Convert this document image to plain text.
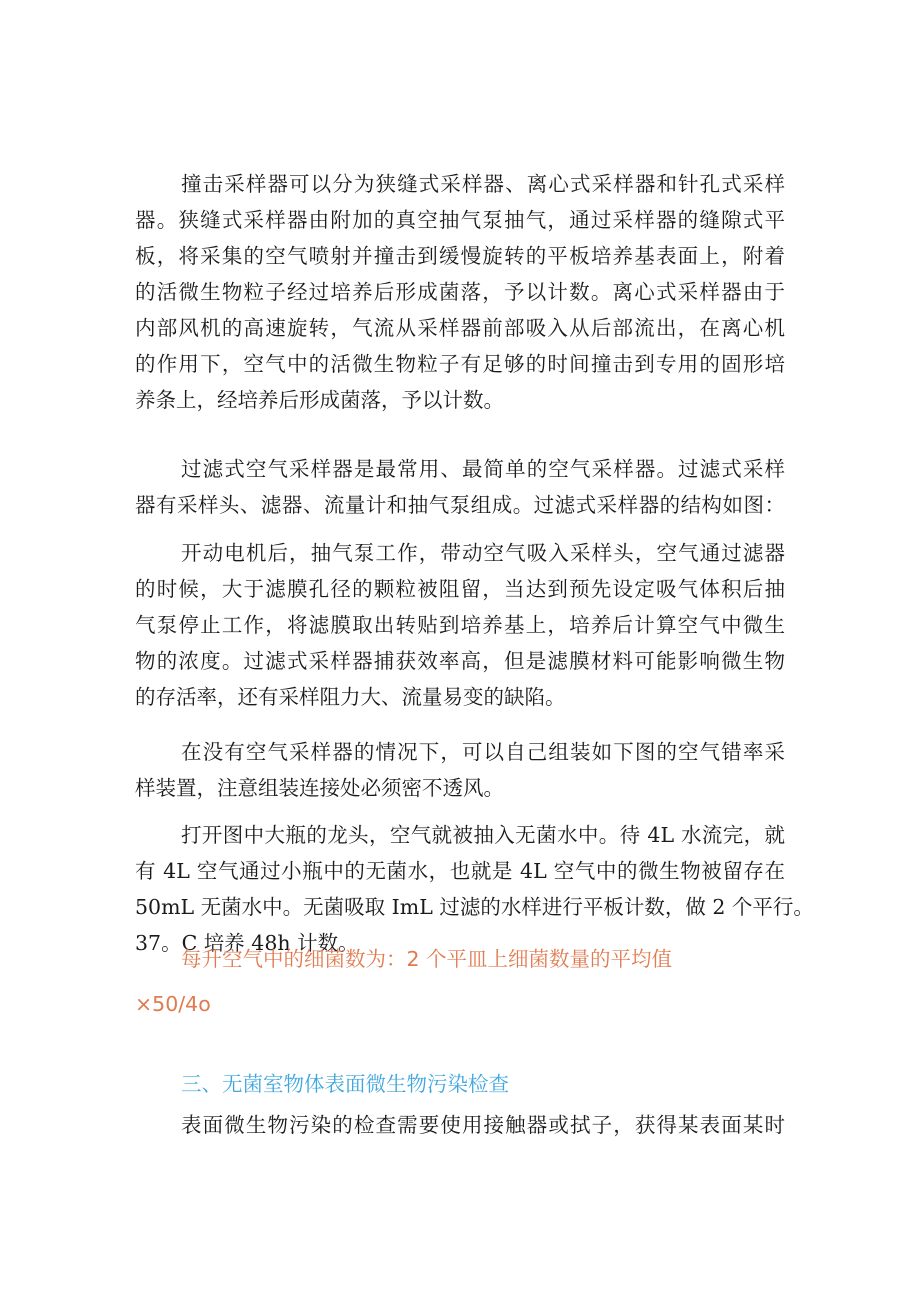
撞击采样器可以分为狭缝式采样器、离心式采样器和针孔式采样
器。狭缝式采样器由附加的真空抽气泵抽气，通过采样器的缝隙式平
板，将采集的空气喷射并撞击到缓慢旋转的平板培养基表面上，附着
的活微生物粒子经过培养后形成菌落，予以计数。离心式采样器由于
内部风机的高速旋转，气流从采样器前部吸入从后部流出，在离心机
的作用下，空气中的活微生物粒子有足够的时间撞击到专用的固形培
养条上，经培养后形成菌落，予以计数。
过滤式空气采样器是最常用、最简单的空气采样器。过滤式采样
器有采样头、滤器、流量计和抽气泵组成。过滤式采样器的结构如图：
开动电机后，抽气泵工作，带动空气吸入采样头，空气通过滤器
的时候，大于滤膜孔径的颗粒被阻留，当达到预先设定吸气体积后抽
气泵停止工作，将滤膜取出转贴到培养基上，培养后计算空气中微生
物的浓度。过滤式采样器捕获效率高，但是滤膜材料可能影响微生物
的存活率，还有采样阻力大、流量易变的缺陷。
在没有空气采样器的情况下，可以自己组装如下图的空气错率采
样装置，注意组装连接处必须密不透风。
打开图中大瓶的龙头，空气就被抽入无菌水中。待 4L 水流完，就
有 4L 空气通过小瓶中的无菌水，也就是 4L 空气中的微生物被留存在
50mL 无菌水中。无菌吸取 ImL 过滤的水样进行平板计数，做 2 个平行。
37。C 培养 48h 计数。
每升空气中的细菌数为：2 个平皿上细菌数量的平均值
×50/4o
三、无菌室物体表面微生物污染检查
表面微生物污染的检查需要使用接触器或拭子，获得某表面某时
